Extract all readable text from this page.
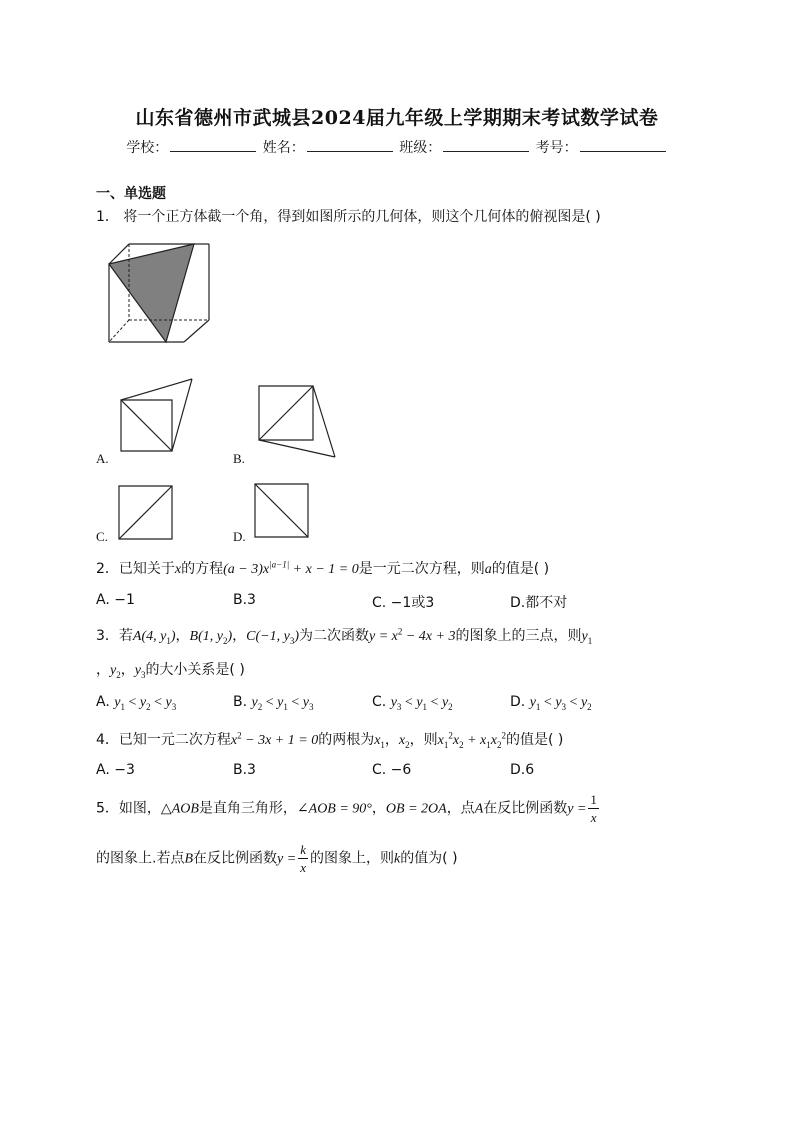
山东省德州市武城县2024届九年级上学期期末考试数学试卷
学校：	姓名：	班级：	考号：
一、单选题
1． 将一个正方体截一个角，得到如图所示的几何体，则这个几何体的俯视图是( )
A.	B.
C.	D.
2．已知关于x的方程$(a - 3)x^{|a-1|} + x - 1 = 0$是一元二次方程，则a的值是( )
A. −1	B.3	C. −1或3	D.都不对
3．若A(4, $y_1$)，B(1, $y_2$)，C(−1, $y_3$)为二次函数$y = x^2 - 4x + 3$的图象上的三点，则$y_1$
，$y_2$，$y_3$的大小关系是( )
A. $y_1 < y_2 < y_3$	B. $y_2 < y_1 < y_3$	C. $y_3 < y_1 < y_2$	D. $y_1 < y_3 < y_2$
4．已知一元二次方程$x^2 - 3x + 1 = 0$的两根为$x_1$，$x_2$，则$x_1^2x_2 + x_1x_2^2$的值是( )
A. −3	B.3	C. −6	D.6
5．如图，△AOB是直角三角形，∠AOB = 90°，OB = 2OA，点A在反比例函数$y = \frac{1}{x}$
的图象上.若点B在反比例函数$y = \frac{k}{x}$ 的图象上，则k的值为( )
